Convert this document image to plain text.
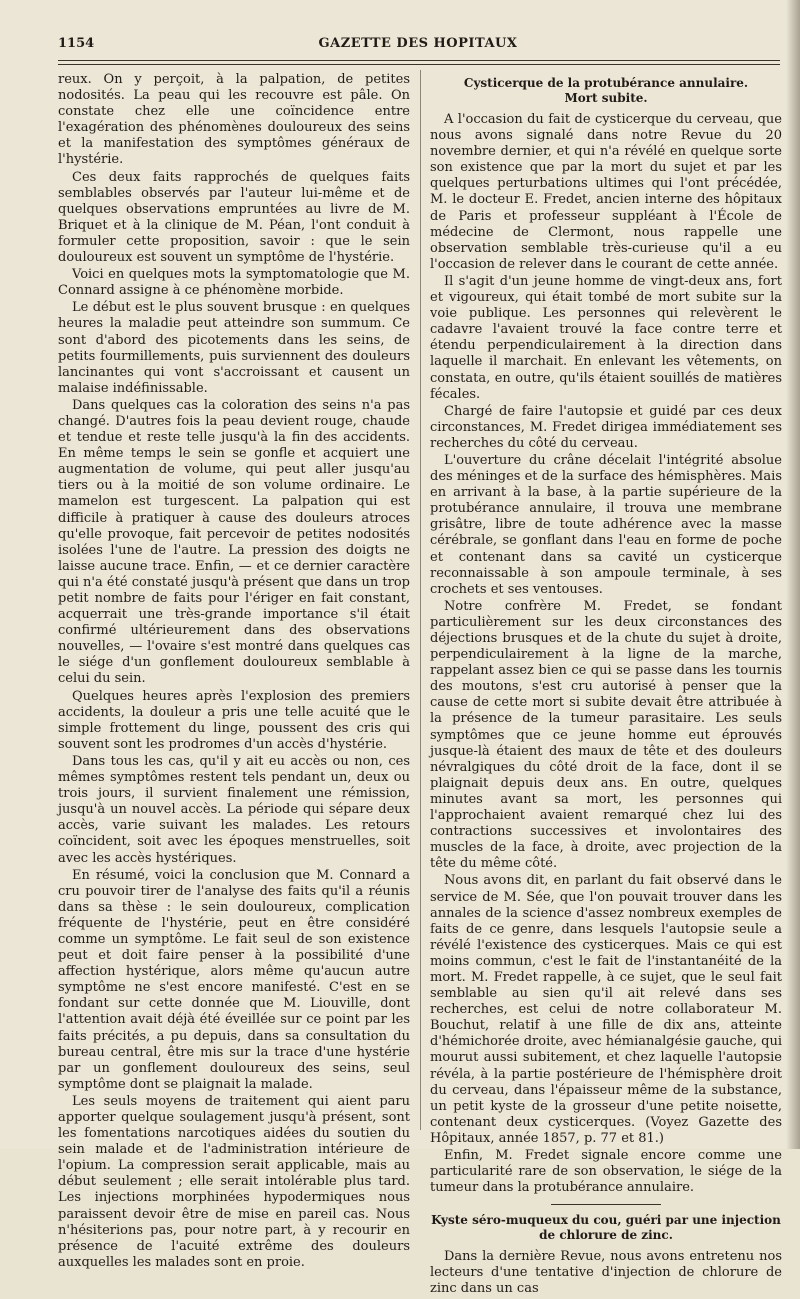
1154	GAZETTE DES HOPITAUX

reux. On y perçoit, à la palpation, de petites nodosités. La peau qui les recouvre est pâle. On constate chez elle une coïncidence entre l'exagération des phénomènes douloureux des seins et la manifestation des symptômes généraux de l'hystérie.

Ces deux faits rapprochés de quelques faits semblables observés par l'auteur lui-même et de quelques observations empruntées au livre de M. Briquet et à la clinique de M. Péan, l'ont conduit à formuler cette proposition, savoir : que le sein douloureux est souvent un symptôme de l'hystérie.

Voici en quelques mots la symptomatologie que M. Connard assigne à ce phénomène morbide.

Le début est le plus souvent brusque : en quelques heures la maladie peut atteindre son summum. Ce sont d'abord des picotements dans les seins, de petits fourmillements, puis surviennent des douleurs lancinantes qui vont s'accroissant et causent un malaise indéfinissable.

Dans quelques cas la coloration des seins n'a pas changé. D'autres fois la peau devient rouge, chaude et tendue et reste telle jusqu'à la fin des accidents. En même temps le sein se gonfle et acquiert une augmentation de volume, qui peut aller jusqu'au tiers ou à la moitié de son volume ordinaire. Le mamelon est turgescent. La palpation qui est difficile à pratiquer à cause des douleurs atroces qu'elle provoque, fait percevoir de petites nodosités isolées l'une de l'autre. La pression des doigts ne laisse aucune trace. Enfin, — et ce dernier caractère qui n'a été constaté jusqu'à présent que dans un trop petit nombre de faits pour l'ériger en fait constant, acquerrait une très-grande importance s'il était confirmé ultérieurement dans des observations nouvelles, — l'ovaire s'est montré dans quelques cas le siége d'un gonflement douloureux semblable à celui du sein.

Quelques heures après l'explosion des premiers accidents, la douleur a pris une telle acuité que le simple frottement du linge, poussent des cris qui souvent sont les prodromes d'un accès d'hystérie.

Dans tous les cas, qu'il y ait eu accès ou non, ces mêmes symptômes restent tels pendant un, deux ou trois jours, il survient finalement une rémission, jusqu'à un nouvel accès. La période qui sépare deux accès, varie suivant les malades. Les retours coïncident, soit avec les époques menstruelles, soit avec les accès hystériques.

En résumé, voici la conclusion que M. Connard a cru pouvoir tirer de l'analyse des faits qu'il a réunis dans sa thèse : le sein douloureux, complication fréquente de l'hystérie, peut en être considéré comme un symptôme. Le fait seul de son existence peut et doit faire penser à la possibilité d'une affection hystérique, alors même qu'aucun autre symptôme ne s'est encore manifesté. C'est en se fondant sur cette donnée que M. Liouville, dont l'attention avait déjà été éveillée sur ce point par les faits précités, a pu depuis, dans sa consultation du bureau central, être mis sur la trace d'une hystérie par un gonflement douloureux des seins, seul symptôme dont se plaignait la malade.

Les seuls moyens de traitement qui aient paru apporter quelque soulagement jusqu'à présent, sont les fomentations narcotiques aidées du soutien du sein malade et de l'administration intérieure de l'opium. La compression serait applicable, mais au début seulement ; elle serait intolérable plus tard. Les injections morphinées hypodermiques nous paraissent devoir être de mise en pareil cas. Nous n'hésiterions pas, pour notre part, à y recourir en présence de l'acuité extrême des douleurs auxquelles les malades sont en proie.

Cysticerque de la protubérance annulaire.
Mort subite.

A l'occasion du fait de cysticerque du cerveau, que nous avons signalé dans notre Revue du 20 novembre dernier, et qui n'a révélé en quelque sorte son existence que par la mort du sujet et par les quelques perturbations ultimes qui l'ont précédée, M. le docteur E. Fredet, ancien interne des hôpitaux de Paris et professeur suppléant à l'École de médecine de Clermont, nous rappelle une observation semblable très-curieuse qu'il a eu l'occasion de relever dans le courant de cette année.

Il s'agit d'un jeune homme de vingt-deux ans, fort et vigoureux, qui était tombé de mort subite sur la voie publique. Les personnes qui relevèrent le cadavre l'avaient trouvé la face contre terre et étendu perpendiculairement à la direction dans laquelle il marchait. En enlevant les vêtements, on constata, en outre, qu'ils étaient souillés de matières fécales.

Chargé de faire l'autopsie et guidé par ces deux circonstances, M. Fredet dirigea immédiatement ses recherches du côté du cerveau.

L'ouverture du crâne décelait l'intégrité absolue des méninges et de la surface des hémisphères. Mais en arrivant à la base, à la partie supérieure de la protubérance annulaire, il trouva une membrane grisâtre, libre de toute adhérence avec la masse cérébrale, se gonflant dans l'eau en forme de poche et contenant dans sa cavité un cysticerque reconnaissable à son ampoule terminale, à ses crochets et ses ventouses.

Notre confrère M. Fredet, se fondant particulièrement sur les deux circonstances des déjections brusques et de la chute du sujet à droite, perpendiculairement à la ligne de la marche, rappelant assez bien ce qui se passe dans les tournis des moutons, s'est cru autorisé à penser que la cause de cette mort si subite devait être attribuée à la présence de la tumeur parasitaire. Les seuls symptômes que ce jeune homme eut éprouvés jusque-là étaient des maux de tête et des douleurs névralgiques du côté droit de la face, dont il se plaignait depuis deux ans. En outre, quelques minutes avant sa mort, les personnes qui l'approchaient avaient remarqué chez lui des contractions successives et involontaires des muscles de la face, à droite, avec projection de la tête du même côté.

Nous avons dit, en parlant du fait observé dans le service de M. Sée, que l'on pouvait trouver dans les annales de la science d'assez nombreux exemples de faits de ce genre, dans lesquels l'autopsie seule a révélé l'existence des cysticerques. Mais ce qui est moins commun, c'est le fait de l'instantanéité de la mort. M. Fredet rappelle, à ce sujet, que le seul fait semblable au sien qu'il ait relevé dans ses recherches, est celui de notre collaborateur M. Bouchut, relatif à une fille de dix ans, atteinte d'hémichorée droite, avec hémianalgésie gauche, qui mourut aussi subitement, et chez laquelle l'autopsie révéla, à la partie postérieure de l'hémisphère droit du cerveau, dans l'épaisseur même de la substance, un petit kyste de la grosseur d'une petite noisette, contenant deux cysticerques. (Voyez Gazette des Hôpitaux, année 1857, p. 77 et 81.)

Enfin, M. Fredet signale encore comme une particularité rare de son observation, le siége de la tumeur dans la protubérance annulaire.

Kyste séro-muqueux du cou, guéri par une injection
de chlorure de zinc.

Dans la dernière Revue, nous avons entretenu nos lecteurs d'une tentative d'injection de chlorure de zinc dans un cas
